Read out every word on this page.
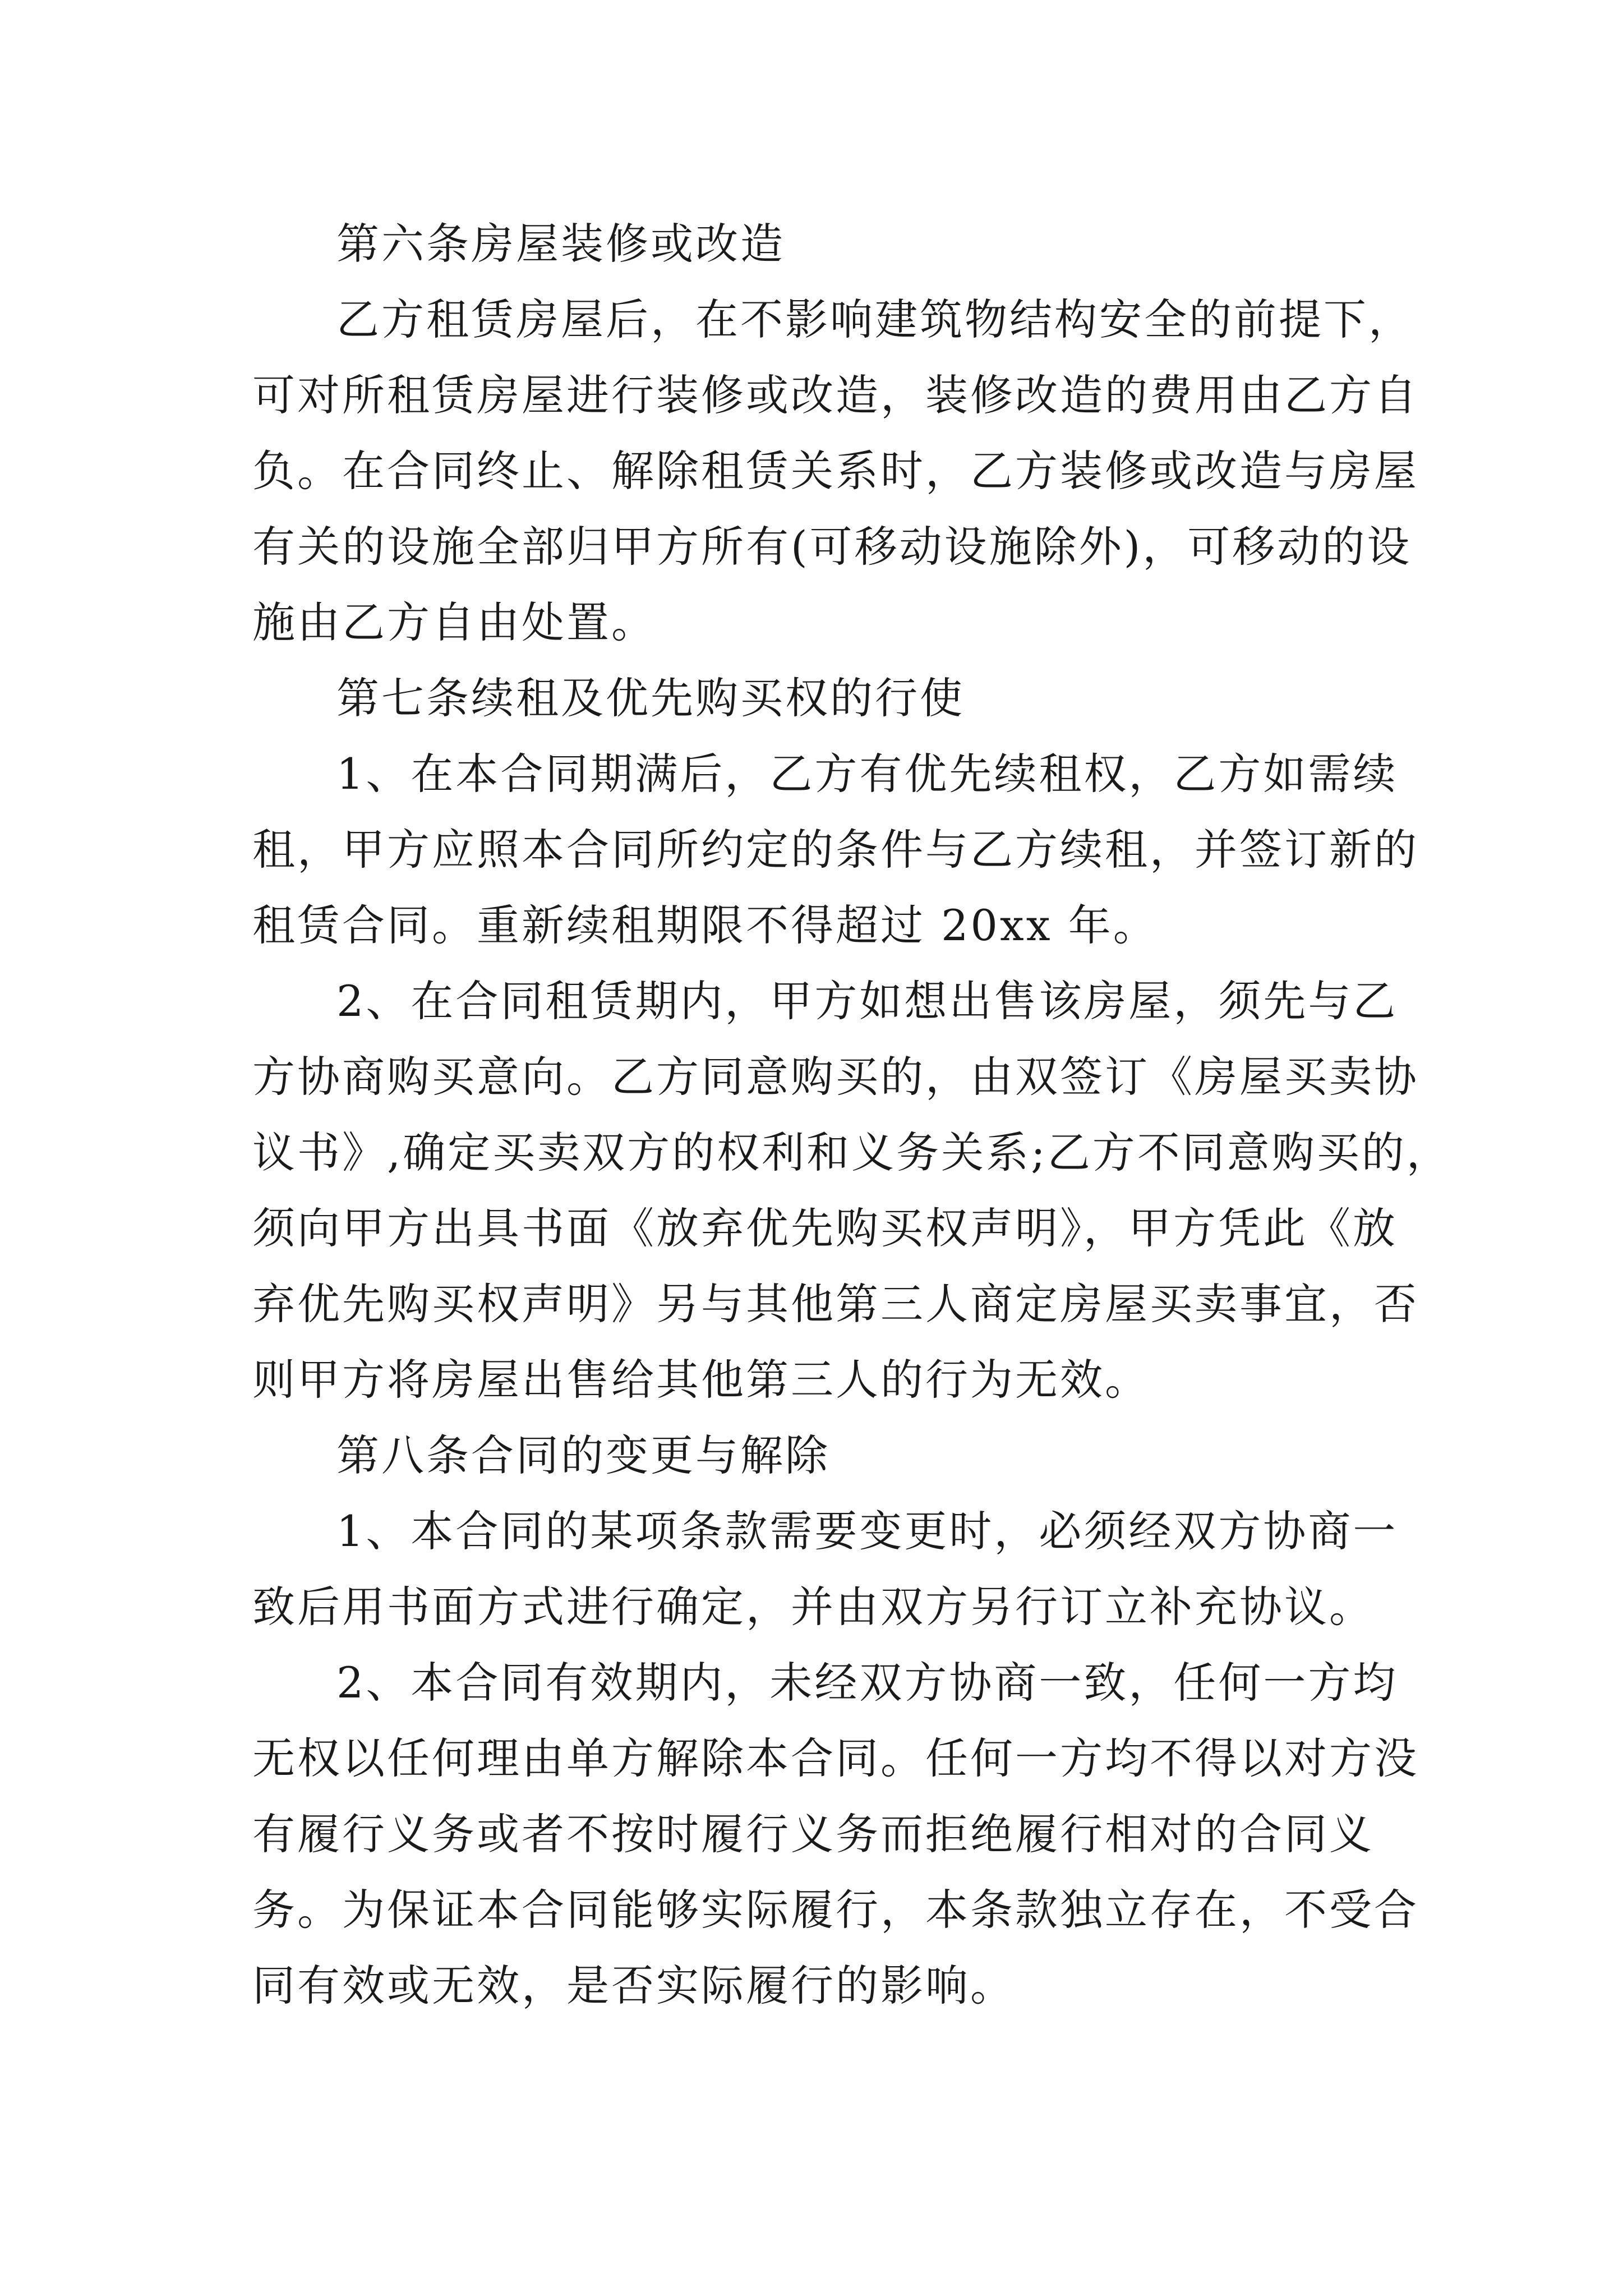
第六条房屋装修或改造

乙方租赁房屋后，在不影响建筑物结构安全的前提下，

可对所租赁房屋进行装修或改造，装修改造的费用由乙方自

负。在合同终止、解除租赁关系时，乙方装修或改造与房屋

有关的设施全部归甲方所有(可移动设施除外)，可移动的设

施由乙方自由处置。

第七条续租及优先购买权的行使

1、在本合同期满后，乙方有优先续租权，乙方如需续

租，甲方应照本合同所约定的条件与乙方续租，并签订新的

租赁合同。重新续租期限不得超过 20xx 年。

2、在合同租赁期内，甲方如想出售该房屋，须先与乙

方协商购买意向。乙方同意购买的，由双签订《房屋买卖协

议书》,确定买卖双方的权利和义务关系;乙方不同意购买的，

须向甲方出具书面《放弃优先购买权声明》，甲方凭此《放

弃优先购买权声明》另与其他第三人商定房屋买卖事宜，否

则甲方将房屋出售给其他第三人的行为无效。

第八条合同的变更与解除

1、本合同的某项条款需要变更时，必须经双方协商一

致后用书面方式进行确定，并由双方另行订立补充协议。

2、本合同有效期内，未经双方协商一致，任何一方均

无权以任何理由单方解除本合同。任何一方均不得以对方没

有履行义务或者不按时履行义务而拒绝履行相对的合同义

务。为保证本合同能够实际履行，本条款独立存在，不受合

同有效或无效，是否实际履行的影响。
